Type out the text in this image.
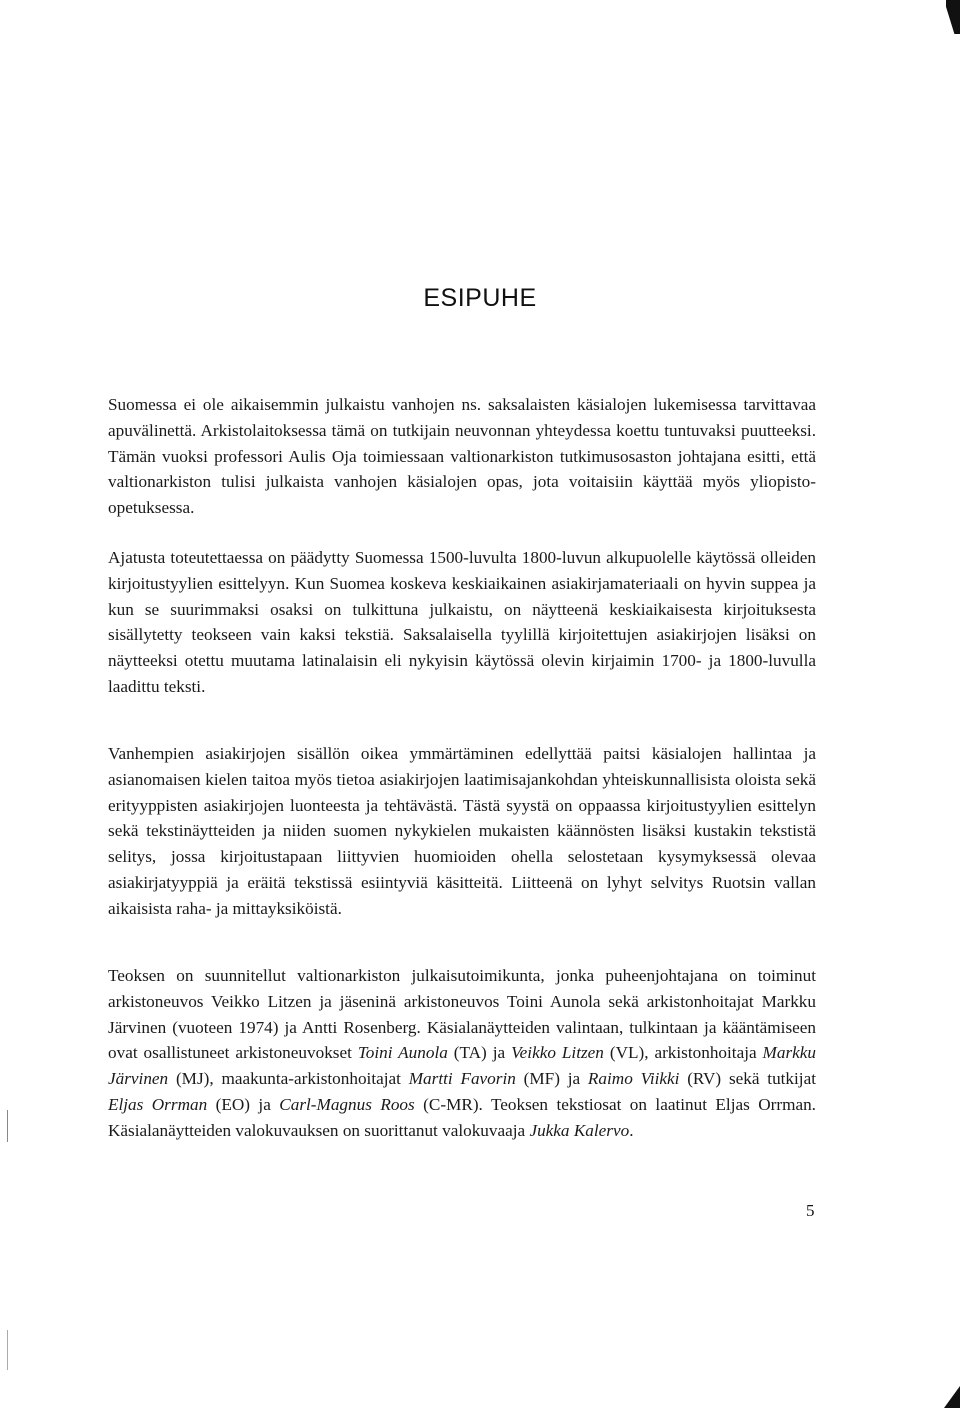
ESIPUHE

Suomessa ei ole aikaisemmin julkaistu vanhojen ns. saksalaisten käsialojen lukemisessa tarvittavaa apuvälinettä. Arkistolaitoksessa tämä on tutkijain neuvonnan yhteydessa koettu tuntuvaksi puutteeksi. Tämän vuoksi professori Aulis Oja toimiessaan valtionarkiston tutkimusosaston johtajana esitti, että valtionarkiston tulisi julkaista vanhojen käsialojen opas, jota voitaisiin käyttää myös yliopisto-opetuksessa.

Ajatusta toteutettaessa on päädytty Suomessa 1500-luvulta 1800-luvun alkupuolelle käytössä olleiden kirjoitustyylien esittelyyn. Kun Suomea koskeva keskiaikainen asiakirjamateriaali on hyvin suppea ja kun se suurimmaksi osaksi on tulkittuna julkaistu, on näytteenä keskiaikaisesta kirjoituksesta sisällytetty teokseen vain kaksi tekstiä. Saksalaisella tyylillä kirjoitettujen asiakirjojen lisäksi on näytteeksi otettu muutama latinalaisin eli nykyisin käytössä olevin kirjaimin 1700- ja 1800-luvulla laadittu teksti.

Vanhempien asiakirjojen sisällön oikea ymmärtäminen edellyttää paitsi käsialojen hallintaa ja asianomaisen kielen taitoa myös tietoa asiakirjojen laatimisajankohdan yhteiskunnallisista oloista sekä erityyppisten asiakirjojen luonteesta ja tehtävästä. Tästä syystä on oppaassa kirjoitustyylien esittelyn sekä tekstinäytteiden ja niiden suomen nykykielen mukaisten käännösten lisäksi kustakin tekstistä selitys, jossa kirjoitustapaan liittyvien huomioiden ohella selostetaan kysymyksessä olevaa asiakirjatyyppiä ja eräitä tekstissä esiintyviä käsitteitä. Liitteenä on lyhyt selvitys Ruotsin vallan aikaisista raha- ja mittayksiköistä.

Teoksen on suunnitellut valtionarkiston julkaisutoimikunta, jonka puheenjohtajana on toiminut arkistoneuvos Veikko Litzen ja jäseninä arkistoneuvos Toini Aunola sekä arkistonhoitajat Markku Järvinen (vuoteen 1974) ja Antti Rosenberg. Käsialanäytteiden valintaan, tulkintaan ja kääntämiseen ovat osallistuneet arkistoneuvokset Toini Aunola (TA) ja Veikko Litzen (VL), arkistonhoitaja Markku Järvinen (MJ), maakunta-arkistonhoitajat Martti Favorin (MF) ja Raimo Viikki (RV) sekä tutkijat Eljas Orrman (EO) ja Carl-Magnus Roos (C-MR). Teoksen tekstiosat on laatinut Eljas Orrman. Käsialanäytteiden valokuvauksen on suorittanut valokuvaaja Jukka Kalervo.

5
